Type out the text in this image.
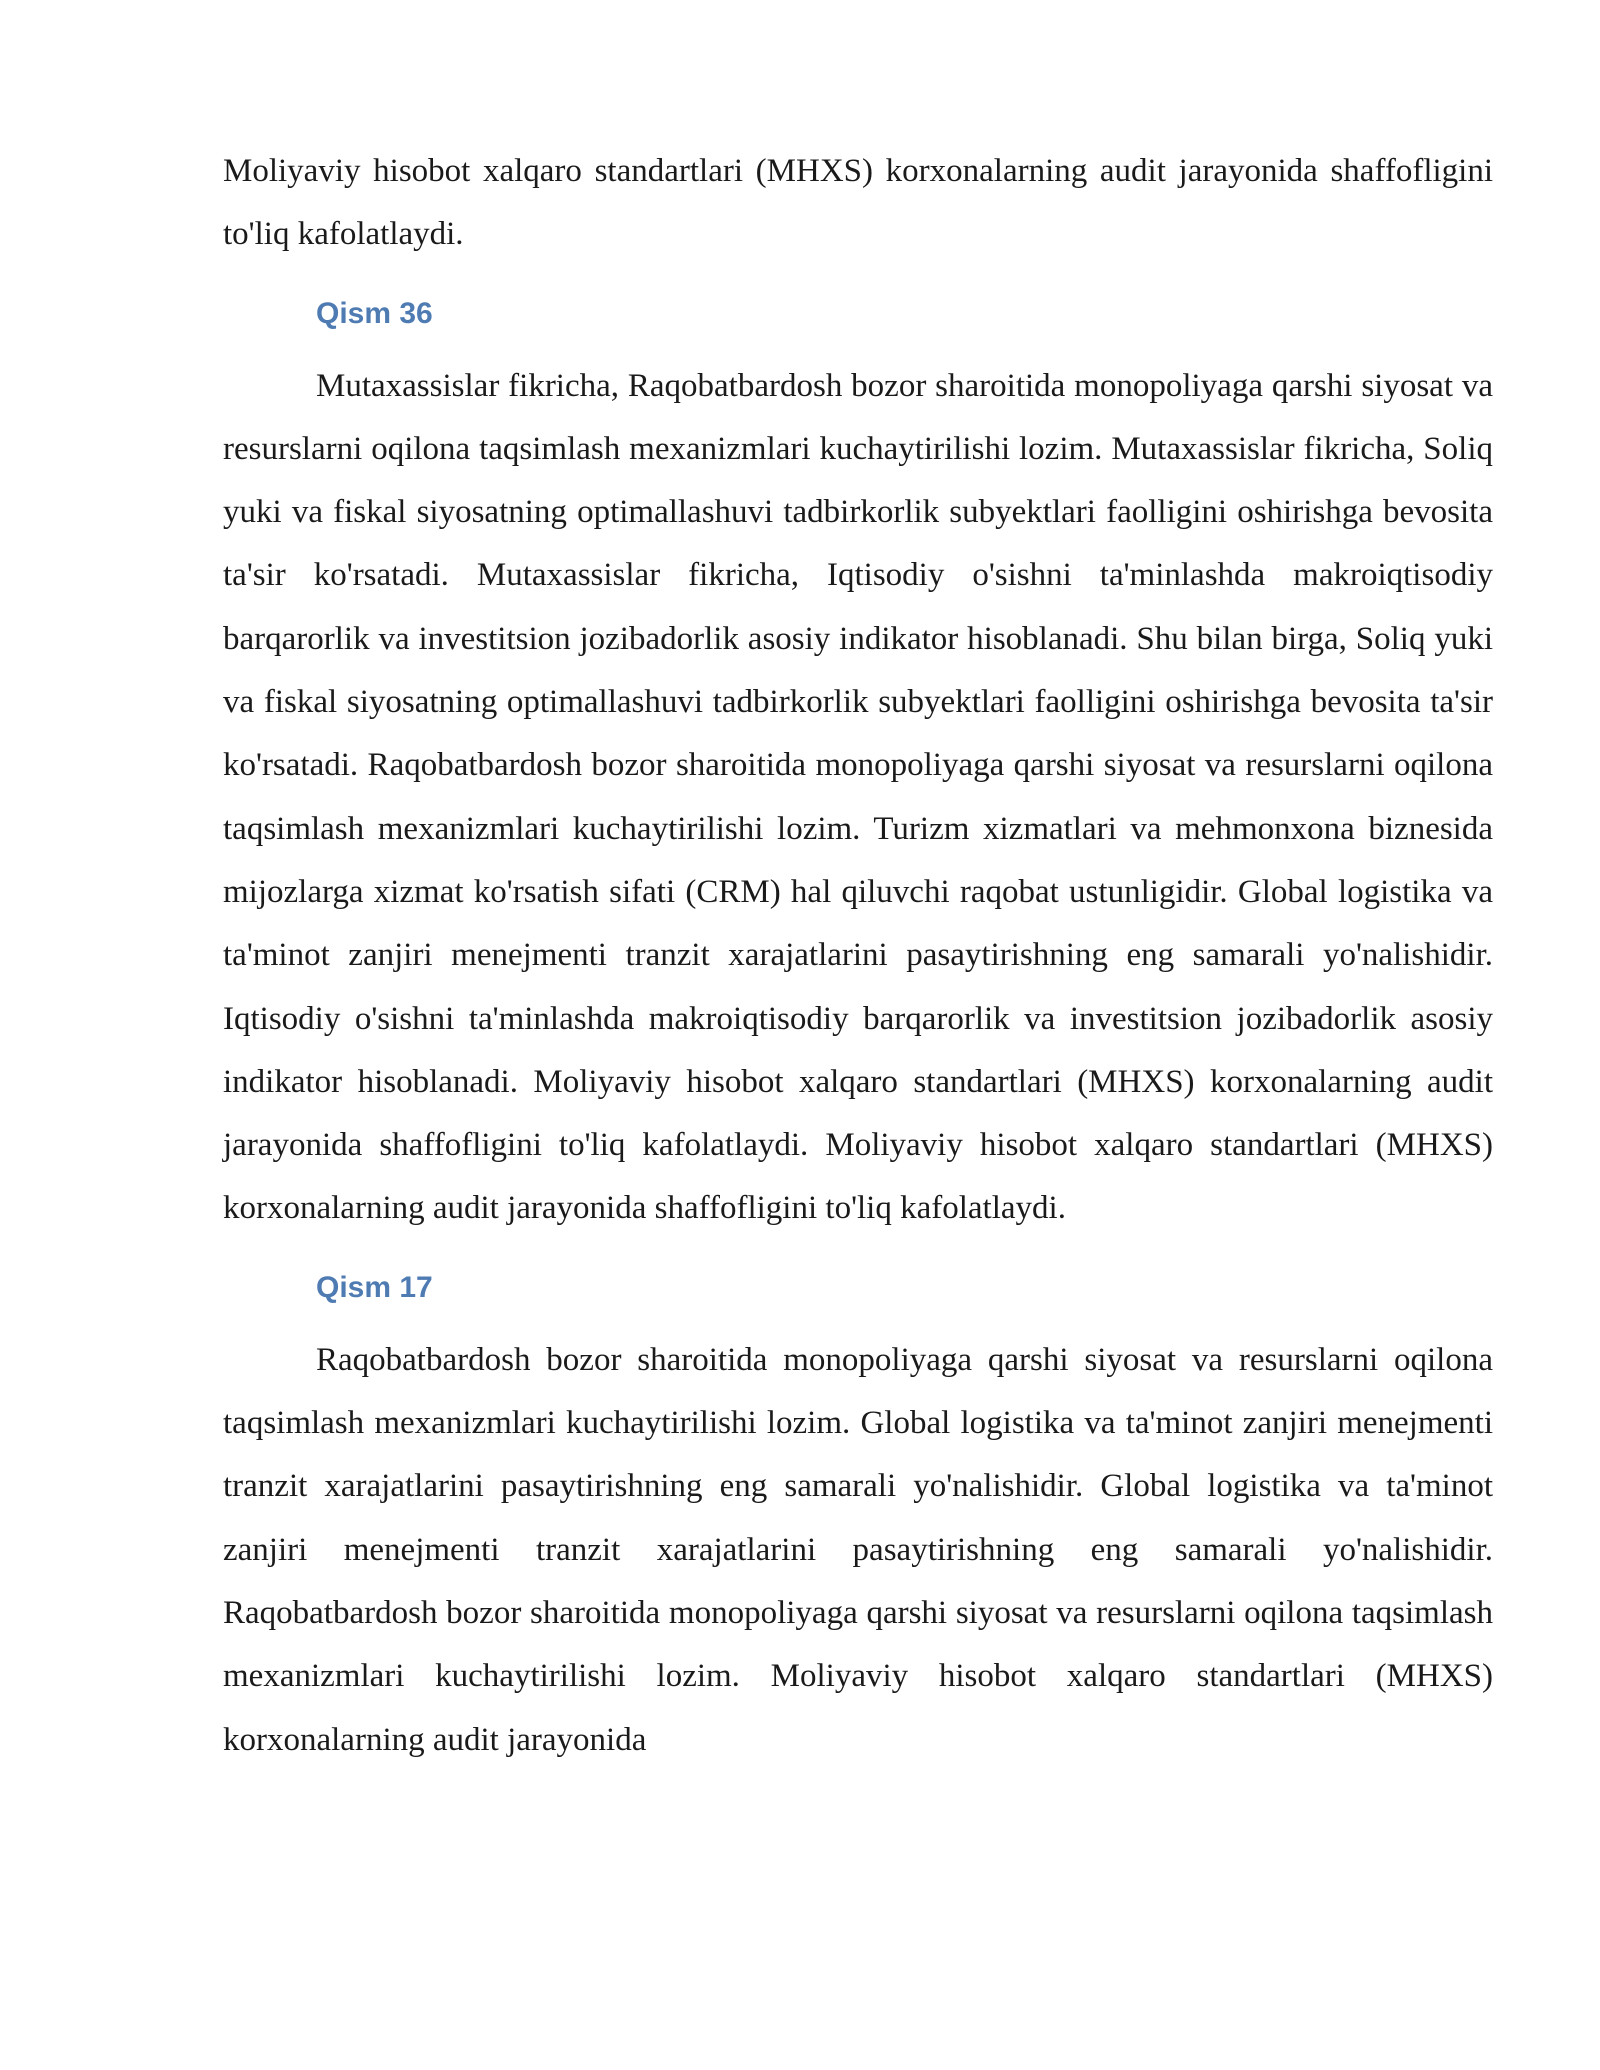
Moliyaviy hisobot xalqaro standartlari (MHXS) korxonalarning audit jarayonida shaffofligini to'liq kafolatlaydi.

Qism 36

Mutaxassislar fikricha, Raqobatbardosh bozor sharoitida monopoliyaga qarshi siyosat va resurslarni oqilona taqsimlash mexanizmlari kuchaytirilishi lozim. Mutaxassislar fikricha, Soliq yuki va fiskal siyosatning optimallashuvi tadbirkorlik subyektlari faolligini oshirishga bevosita ta'sir ko'rsatadi. Mutaxassislar fikricha, Iqtisodiy o'sishni ta'minlashda makroiqtisodiy barqarorlik va investitsion jozibadorlik asosiy indikator hisoblanadi. Shu bilan birga, Soliq yuki va fiskal siyosatning optimallashuvi tadbirkorlik subyektlari faolligini oshirishga bevosita ta'sir ko'rsatadi. Raqobatbardosh bozor sharoitida monopoliyaga qarshi siyosat va resurslarni oqilona taqsimlash mexanizmlari kuchaytirilishi lozim. Turizm xizmatlari va mehmonxona biznesida mijozlarga xizmat ko'rsatish sifati (CRM) hal qiluvchi raqobat ustunligidir. Global logistika va ta'minot zanjiri menejmenti tranzit xarajatlarini pasaytirishning eng samarali yo'nalishidir. Iqtisodiy o'sishni ta'minlashda makroiqtisodiy barqarorlik va investitsion jozibadorlik asosiy indikator hisoblanadi. Moliyaviy hisobot xalqaro standartlari (MHXS) korxonalarning audit jarayonida shaffofligini to'liq kafolatlaydi. Moliyaviy hisobot xalqaro standartlari (MHXS) korxonalarning audit jarayonida shaffofligini to'liq kafolatlaydi.

Qism 17

Raqobatbardosh bozor sharoitida monopoliyaga qarshi siyosat va resurslarni oqilona taqsimlash mexanizmlari kuchaytirilishi lozim. Global logistika va ta'minot zanjiri menejmenti tranzit xarajatlarini pasaytirishning eng samarali yo'nalishidir. Global logistika va ta'minot zanjiri menejmenti tranzit xarajatlarini pasaytirishning eng samarali yo'nalishidir. Raqobatbardosh bozor sharoitida monopoliyaga qarshi siyosat va resurslarni oqilona taqsimlash mexanizmlari kuchaytirilishi lozim. Moliyaviy hisobot xalqaro standartlari (MHXS) korxonalarning audit jarayonida
